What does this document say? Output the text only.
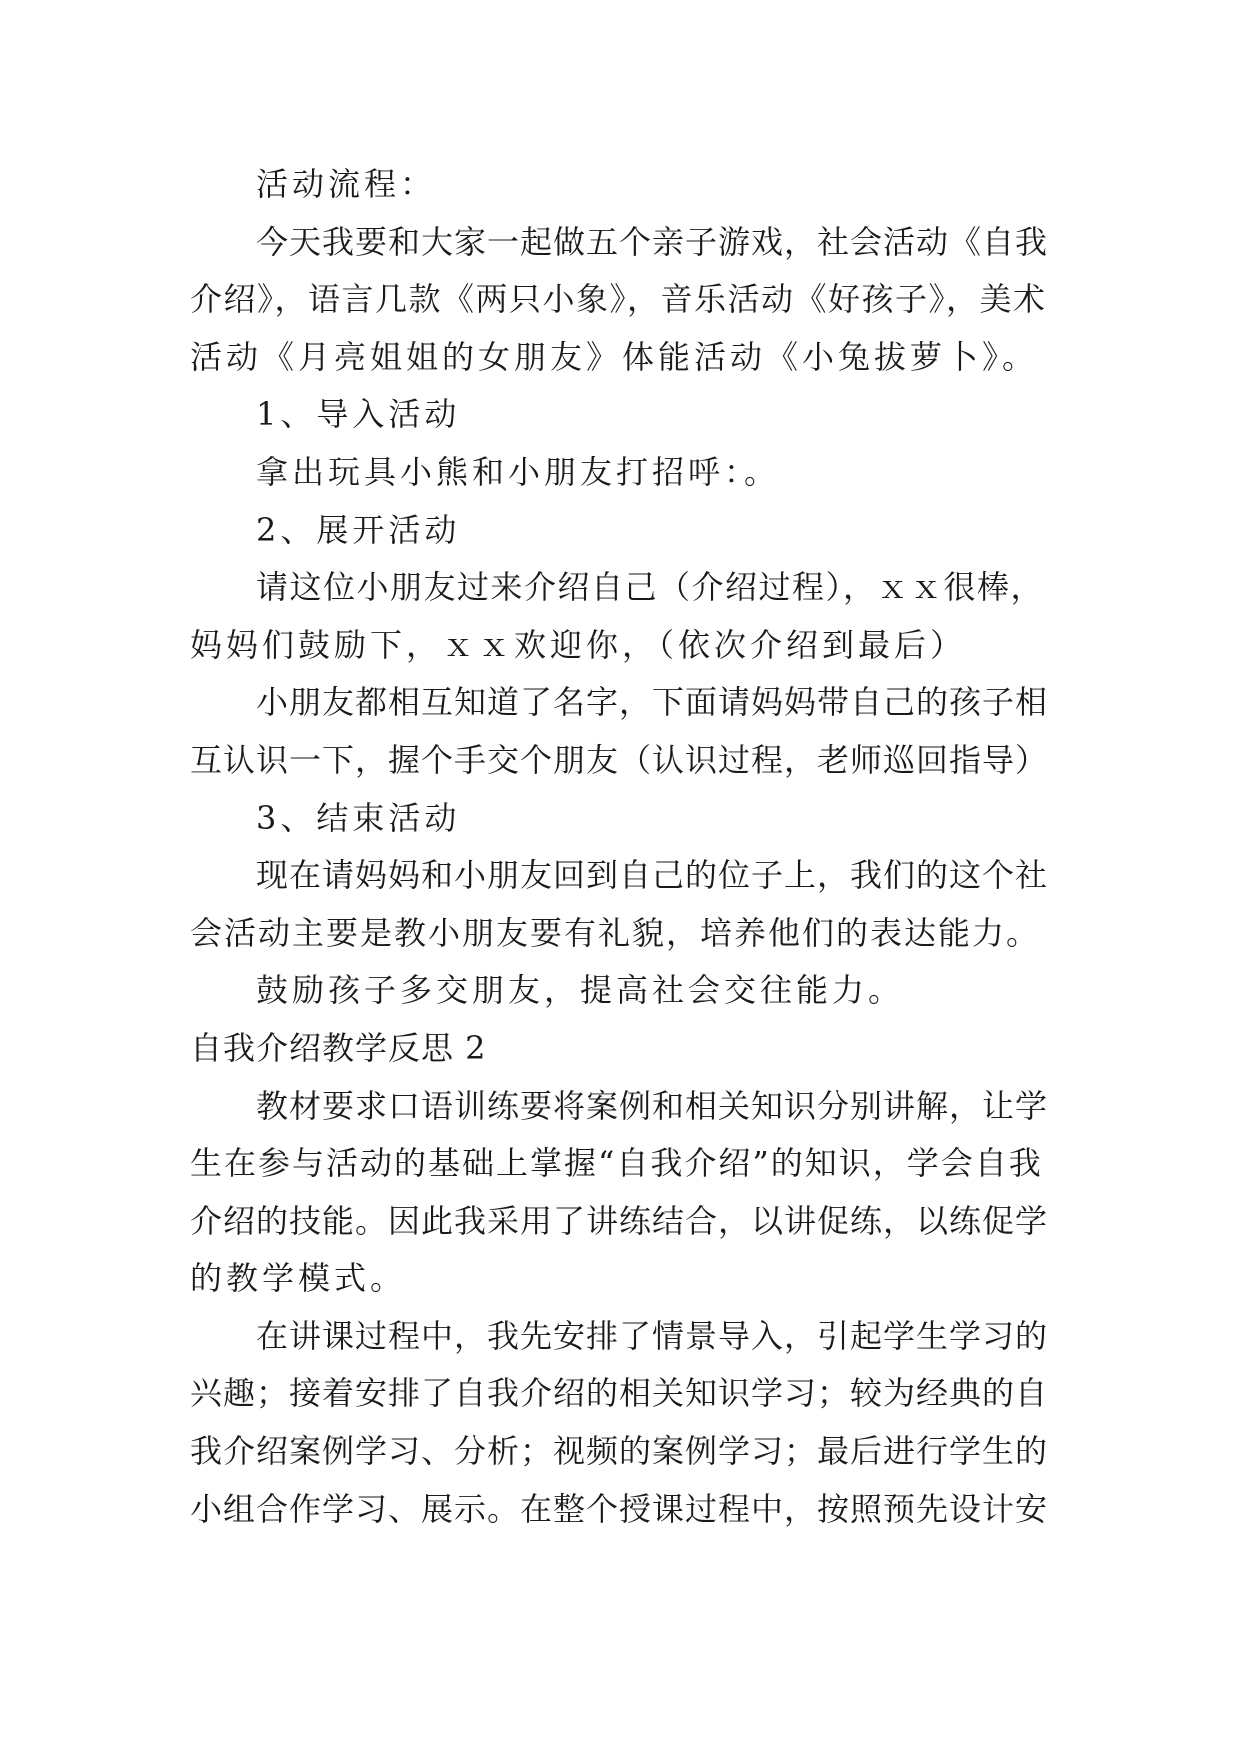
活动流程：

今天我要和大家一起做五个亲子游戏，社会活动《自我

介绍》，语言几款《两只小象》，音乐活动《好孩子》，美术

活动《月亮姐姐的女朋友》体能活动《小兔拔萝卜》。

1、导入活动

拿出玩具小熊和小朋友打招呼：。

2、展开活动

请这位小朋友过来介绍自己（介绍过程），ｘｘ很棒，

妈妈们鼓励下，ｘｘ欢迎你，（依次介绍到最后）

小朋友都相互知道了名字，下面请妈妈带自己的孩子相

互认识一下，握个手交个朋友（认识过程，老师巡回指导）

3、结束活动

现在请妈妈和小朋友回到自己的位子上，我们的这个社

会活动主要是教小朋友要有礼貌，培养他们的表达能力。

鼓励孩子多交朋友，提高社会交往能力。

自我介绍教学反思 2

教材要求口语训练要将案例和相关知识分别讲解，让学

生在参与活动的基础上掌握“自我介绍”的知识，学会自我

介绍的技能。因此我采用了讲练结合，以讲促练，以练促学

的教学模式。

在讲课过程中，我先安排了情景导入，引起学生学习的

兴趣；接着安排了自我介绍的相关知识学习；较为经典的自

我介绍案例学习、分析；视频的案例学习；最后进行学生的

小组合作学习、展示。在整个授课过程中，按照预先设计安
